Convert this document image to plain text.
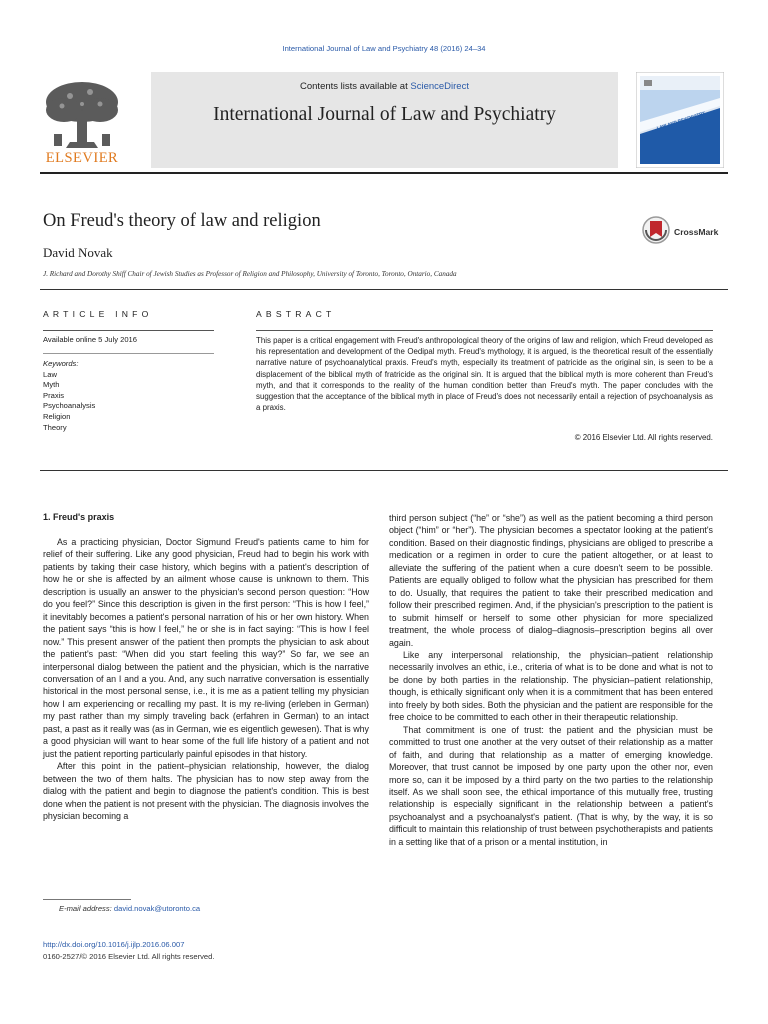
International Journal of Law and Psychiatry 48 (2016) 24–34
ELSEVIER
Contents lists available at ScienceDirect
International Journal of Law and Psychiatry	LAW AND PSYCHIATRY
On Freud's theory of law and religion
David Novak
J. Richard and Dorothy Shiff Chair of Jewish Studies as Professor of Religion and Philosophy, University of Toronto, Toronto, Ontario, Canada
CrossMark
ARTICLE INFO
Available online 5 July 2016
Keywords:
Law
Myth
Praxis
Psychoanalysis
Religion
Theory
ABSTRACT
This paper is a critical engagement with Freud's anthropological theory of the origins of law and religion, which Freud developed as his representation and development of the Oedipal myth. Freud's mythology, it is argued, is the theoretical result of the essentially narrative nature of psychoanalytical praxis. Freud's myth, especially its treatment of patricide as the original sin, is seen to be a displacement of the biblical myth of fratricide as the original sin. It is argued that the biblical myth is more coherent than Freud's myth, and that it corresponds to the reality of the human condition better than Freud's myth. The paper concludes with the suggestion that the acceptance of the biblical myth in place of Freud's does not necessarily entail a rejection of psychoanalysis as a praxis.
© 2016 Elsevier Ltd. All rights reserved.
1. Freud's praxis

As a practicing physician, Doctor Sigmund Freud's patients came to him for relief of their suffering. Like any good physician, Freud had to begin his work with patients by taking their case history, which begins with a patient's description of how he or she is affected by an ailment whose cause is unknown to them. This description is usually an answer to the physician's second person question: “How do you feel?” Since this description is given in the first person: “This is how I feel,” it inevitably becomes a patient's personal narration of his or her own history. When the patient says “this is how I feel,” he or she is in fact saying: “This is how I feel now.” This present answer of the patient then prompts the physician to ask about the patient's past: “When did you start feeling this way?” So far, we see an interpersonal dialog between the patient and the physician, which is the narrative conversation of an I and a you. And, any such narrative conversation is essentially historical in the most personal sense, i.e., it is me as a patient telling my physician how I am experiencing or recalling my past. It is my re-living (erleben in German) my past rather than my simply traveling back (erfahren in German) to an intact past, a past as it really was (as in German, wie es eigentlich gewesen). That is why a good physician will want to hear some of the full life history of a patient and not just the patient reporting particularly painful episodes in that history.

After this point in the patient–physician relationship, however, the dialog between the two of them halts. The physician has to now step away from the dialog with the patient and begin to diagnose the patient's condition. This is best done when the patient is not present with the physician. The diagnosis involves the physician becoming a

third person subject (“he” or “she”) as well as the patient becoming a third person object (“him” or “her”). The physician becomes a spectator looking at the patient's condition. Based on their diagnostic findings, physicians are obliged to prescribe a medication or a regimen in order to cure the patient altogether, or at least to alleviate the suffering of the patient when a cure doesn't seem to be possible. Patients are equally obliged to follow what the physician has prescribed for them to do. Usually, that requires the patient to take their prescribed medication and follow their prescribed regimen. And, if the physician's prescription to the patient is to submit himself or herself to some other physician for more specialized treatment, the whole process of dialog–diagnosis–prescription begins all over again.

Like any interpersonal relationship, the physician–patient relationship necessarily involves an ethic, i.e., criteria of what is to be done and what is not to be done by both parties in the relationship. The physician–patient relationship, though, is ethically significant only when it is a commitment that has been entered into freely by both sides. Both the physician and the patient are responsible for the free choice to be committed to each other in their therapeutic relationship.

That commitment is one of trust: the patient and the physician must be committed to trust one another at the very outset of their relationship as a matter of faith, and during that relationship as a matter of emerging knowledge. Moreover, that trust cannot be imposed by one party upon the other nor, even more so, can it be imposed by a third party on the two parties to the relationship itself. As we shall soon see, the ethical importance of this mutually free, trusting relationship is especially significant in the relationship between a patient's psychoanalyst and a psychoanalyst's patient. (That is why, by the way, it is so difficult to maintain this relationship of trust between psychotherapists and patients in a setting like that of a prison or a mental institution, in

E-mail address: david.novak@utoronto.ca
http://dx.doi.org/10.1016/j.ijlp.2016.06.007
0160-2527/© 2016 Elsevier Ltd. All rights reserved.
